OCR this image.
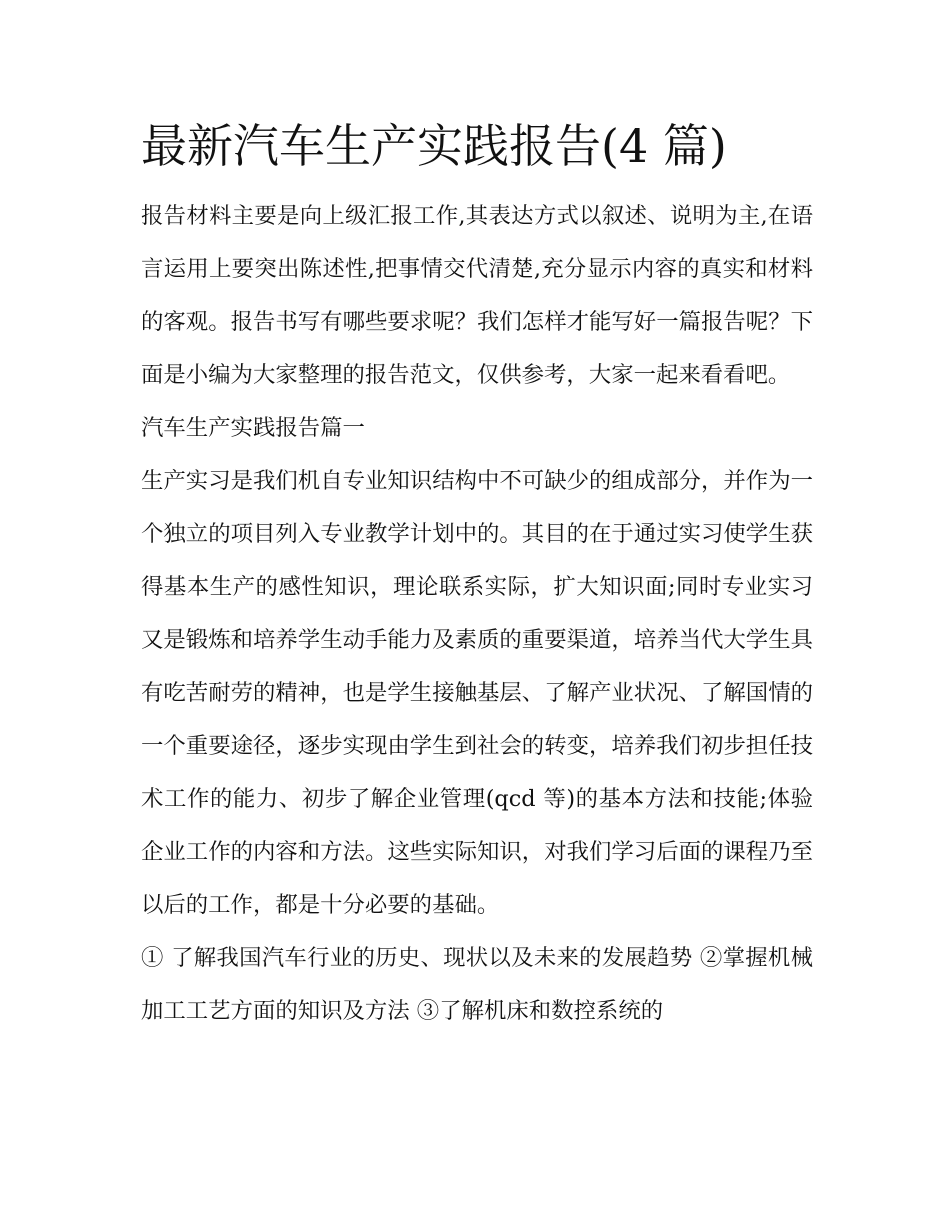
最新汽车生产实践报告(4 篇)

报告材料主要是向上级汇报工作,其表达方式以叙述、说明为主,在语言运用上要突出陈述性,把事情交代清楚,充分显示内容的真实和材料的客观。报告书写有哪些要求呢？我们怎样才能写好一篇报告呢？下面是小编为大家整理的报告范文，仅供参考，大家一起来看看吧。

汽车生产实践报告篇一

生产实习是我们机自专业知识结构中不可缺少的组成部分，并作为一个独立的项目列入专业教学计划中的。其目的在于通过实习使学生获得基本生产的感性知识，理论联系实际，扩大知识面;同时专业实习又是锻炼和培养学生动手能力及素质的重要渠道，培养当代大学生具有吃苦耐劳的精神，也是学生接触基层、了解产业状况、了解国情的一个重要途径，逐步实现由学生到社会的转变，培养我们初步担任技术工作的能力、初步了解企业管理(qcd 等)的基本方法和技能;体验企业工作的内容和方法。这些实际知识，对我们学习后面的课程乃至以后的工作，都是十分必要的基础。

① 了解我国汽车行业的历史、现状以及未来的发展趋势 ②掌握机械加工工艺方面的知识及方法 ③了解机床和数控系统的
